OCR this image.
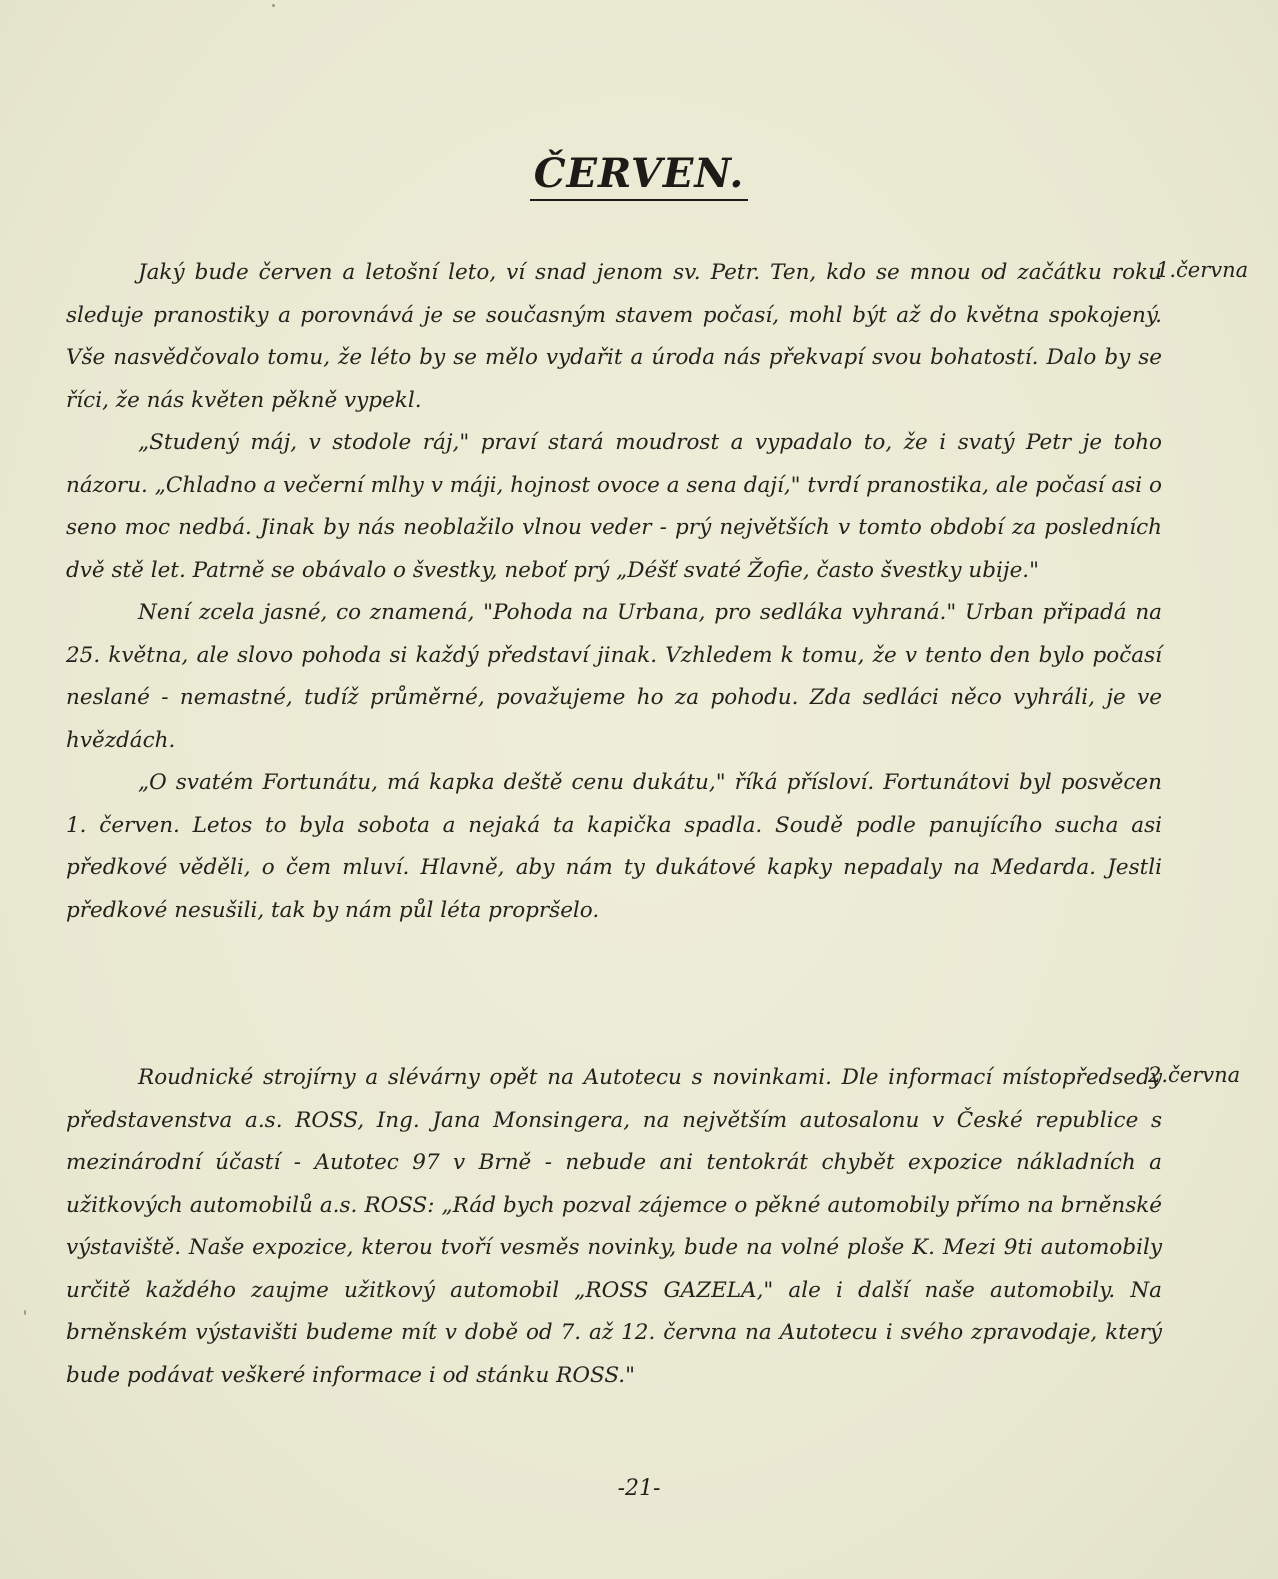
ČERVEN.
1.června

Jaký bude červen a letošní leto, ví snad jenom sv. Petr. Ten, kdo se mnou od začátku roku sleduje pranostiky a porovnává je se současným stavem počasí, mohl být až do května spokojený. Vše nasvědčovalo tomu, že léto by se mělo vydařit a úroda nás překvapí svou bohatostí. Dalo by se říci, že nás květen pěkně vypekl.

„Studený máj, v stodole ráj," praví stará moudrost a vypadalo to, že i svatý Petr je toho názoru. „Chladno a večerní mlhy v máji, hojnost ovoce a sena dají," tvrdí pranostika, ale počasí asi o seno moc nedbá. Jinak by nás neoblažilo vlnou veder - prý největších v tomto období za posledních dvě stě let. Patrně se obávalo o švestky, neboť prý „Déšť svaté Žofie, často švestky ubije."

Není zcela jasné, co znamená, "Pohoda na Urbana, pro sedláka vyhraná." Urban připadá na 25. května, ale slovo pohoda si každý představí jinak. Vzhledem k tomu, že v tento den bylo počasí neslané - nemastné, tudíž průměrné, považujeme ho za pohodu. Zda sedláci něco vyhráli, je ve hvězdách.

„O svatém Fortunátu, má kapka deště cenu dukátu," říká přísloví. Fortunátovi byl posvěcen 1. červen. Letos to byla sobota a nejaká ta kapička spadla. Soudě podle panujícího sucha asi předkové věděli, o čem mluví. Hlavně, aby nám ty dukátové kapky nepadaly na Medarda. Jestli předkové nesušili, tak by nám půl léta propršelo.

2.června

Roudnické strojírny a slévárny opět na Autotecu s novinkami. Dle informací místopředsedy představenstva a.s. ROSS, Ing. Jana Monsingera, na největším autosalonu v České republice s mezinárodní účastí - Autotec 97 v Brně - nebude ani tentokrát chybět expozice nákladních a užitkových automobilů a.s. ROSS: „Rád bych pozval zájemce o pěkné automobily přímo na brněnské výstaviště. Naše expozice, kterou tvoří vesměs novinky, bude na volné ploše K. Mezi 9ti automobily určitě každého zaujme užitkový automobil „ROSS GAZELA," ale i další naše automobily. Na brněnském výstavišti budeme mít v době od 7. až 12. června na Autotecu i svého zpravodaje, který bude podávat veškeré informace i od stánku ROSS."

-21-
